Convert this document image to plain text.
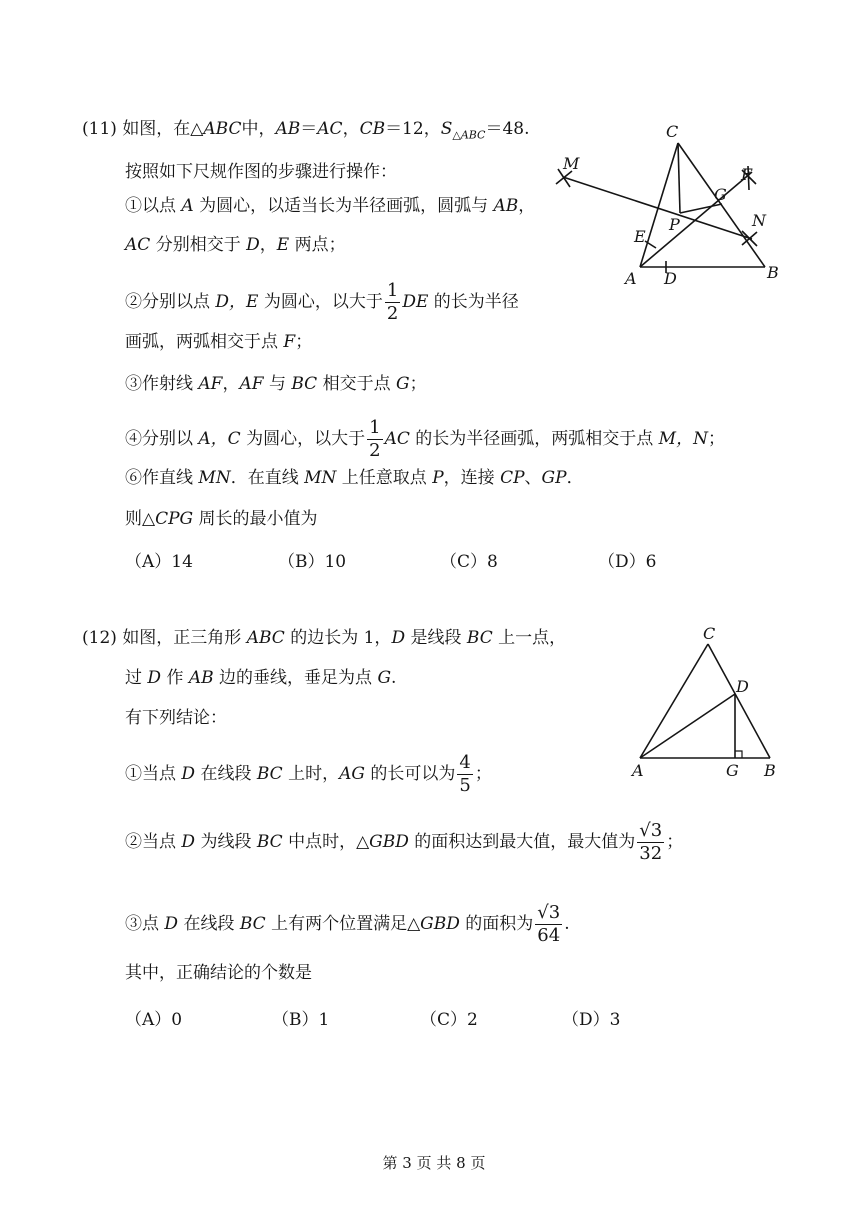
(11) 如图，在△ABC中，AB＝AC，CB＝12，$S_{\triangle ABC}=48$.
按照如下尺规作图的步骤进行操作：
①以点 A 为圆心，以适当长为半径画弧，圆弧与 AB，
AC 分别相交于 D，E 两点；
②分别以点 D，E 为圆心，以大于 $\frac{1}{2}$ DE 的长为半径
画弧，两弧相交于点 F；
③作射线 AF，AF 与 BC 相交于点 G；
④分别以 A，C 为圆心，以大于 $\frac{1}{2}$ AC 的长为半径画弧，两弧相交于点 M，N；
⑥作直线 MN．在直线 MN 上任意取点 P，连接 CP、GP．
则△CPG 周长的最小值为
（A）14	（B）10	（C）8	（D）6
C
M
F
G
P	N
E
A D	B
(12) 如图，正三角形 ABC 的边长为 1，D 是线段 BC 上一点，
过 D 作 AB 边的垂线，垂足为点 G.
有下列结论：
①当点 D 在线段 BC 上时，AG 的长可以为 $\frac{4}{5}$ ；
②当点 D 为线段 BC 中点时，△GBD 的面积达到最大值，最大值为 $\frac{√3}{32}$ ；
③点 D 在线段 BC 上有两个位置满足△GBD 的面积为 $\frac{√3}{64}$ .
其中，正确结论的个数是
（A）0	（B）1	（C）2	（D）3
C
D
A	G B
第 3 页 共 8 页
